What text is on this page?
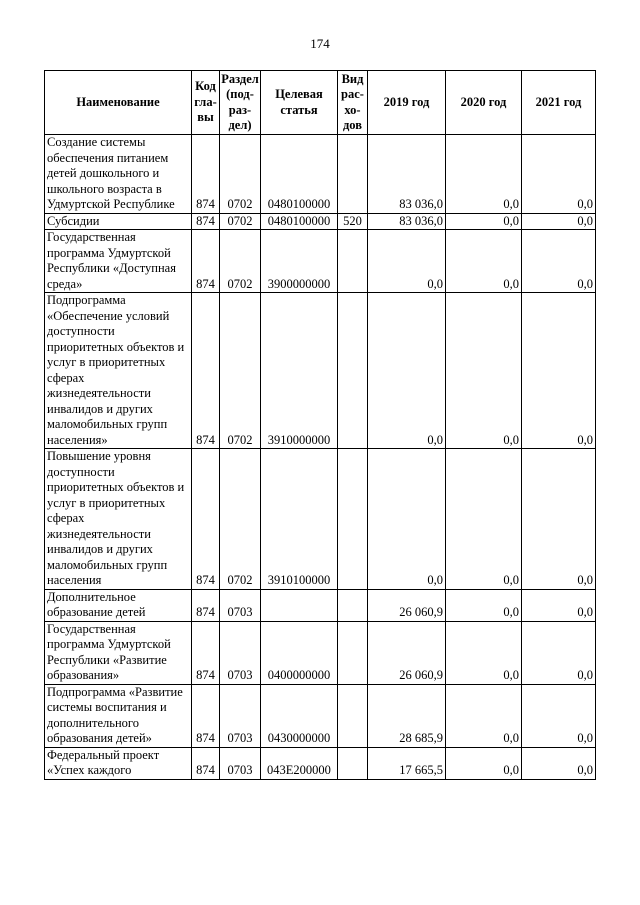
174
Наименование	Код гла- вы	Раздел (под- раз- дел)	Целевая статья	Вид рас- хо- дов	2019 год	2020 год	2021 год
Создание системы обеспечения питанием детей дошкольного и школьного возраста в Удмуртской Республике	874	0702	0480100000		83 036,0	0,0	0,0
Субсидии	874	0702	0480100000	520	83 036,0	0,0	0,0
Государственная программа Удмуртской Республики «Доступная среда»	874	0702	3900000000		0,0	0,0	0,0
Подпрограмма «Обеспечение условий доступности приоритетных объектов и услуг в приоритетных сферах жизнедеятельности инвалидов и других маломобильных групп населения»	874	0702	3910000000		0,0	0,0	0,0
Повышение уровня доступности приоритетных объектов и услуг в приоритетных сферах жизнедеятельности инвалидов и других маломобильных групп населения	874	0702	3910100000		0,0	0,0	0,0
Дополнительное образование детей	874	0703			26 060,9	0,0	0,0
Государственная программа Удмуртской Республики «Развитие образования»	874	0703	0400000000		26 060,9	0,0	0,0
Подпрограмма «Развитие системы воспитания и дополнительного образования детей»	874	0703	0430000000		28 685,9	0,0	0,0
Федеральный проект «Успех каждого	874	0703	043E200000		17 665,5	0,0	0,0
